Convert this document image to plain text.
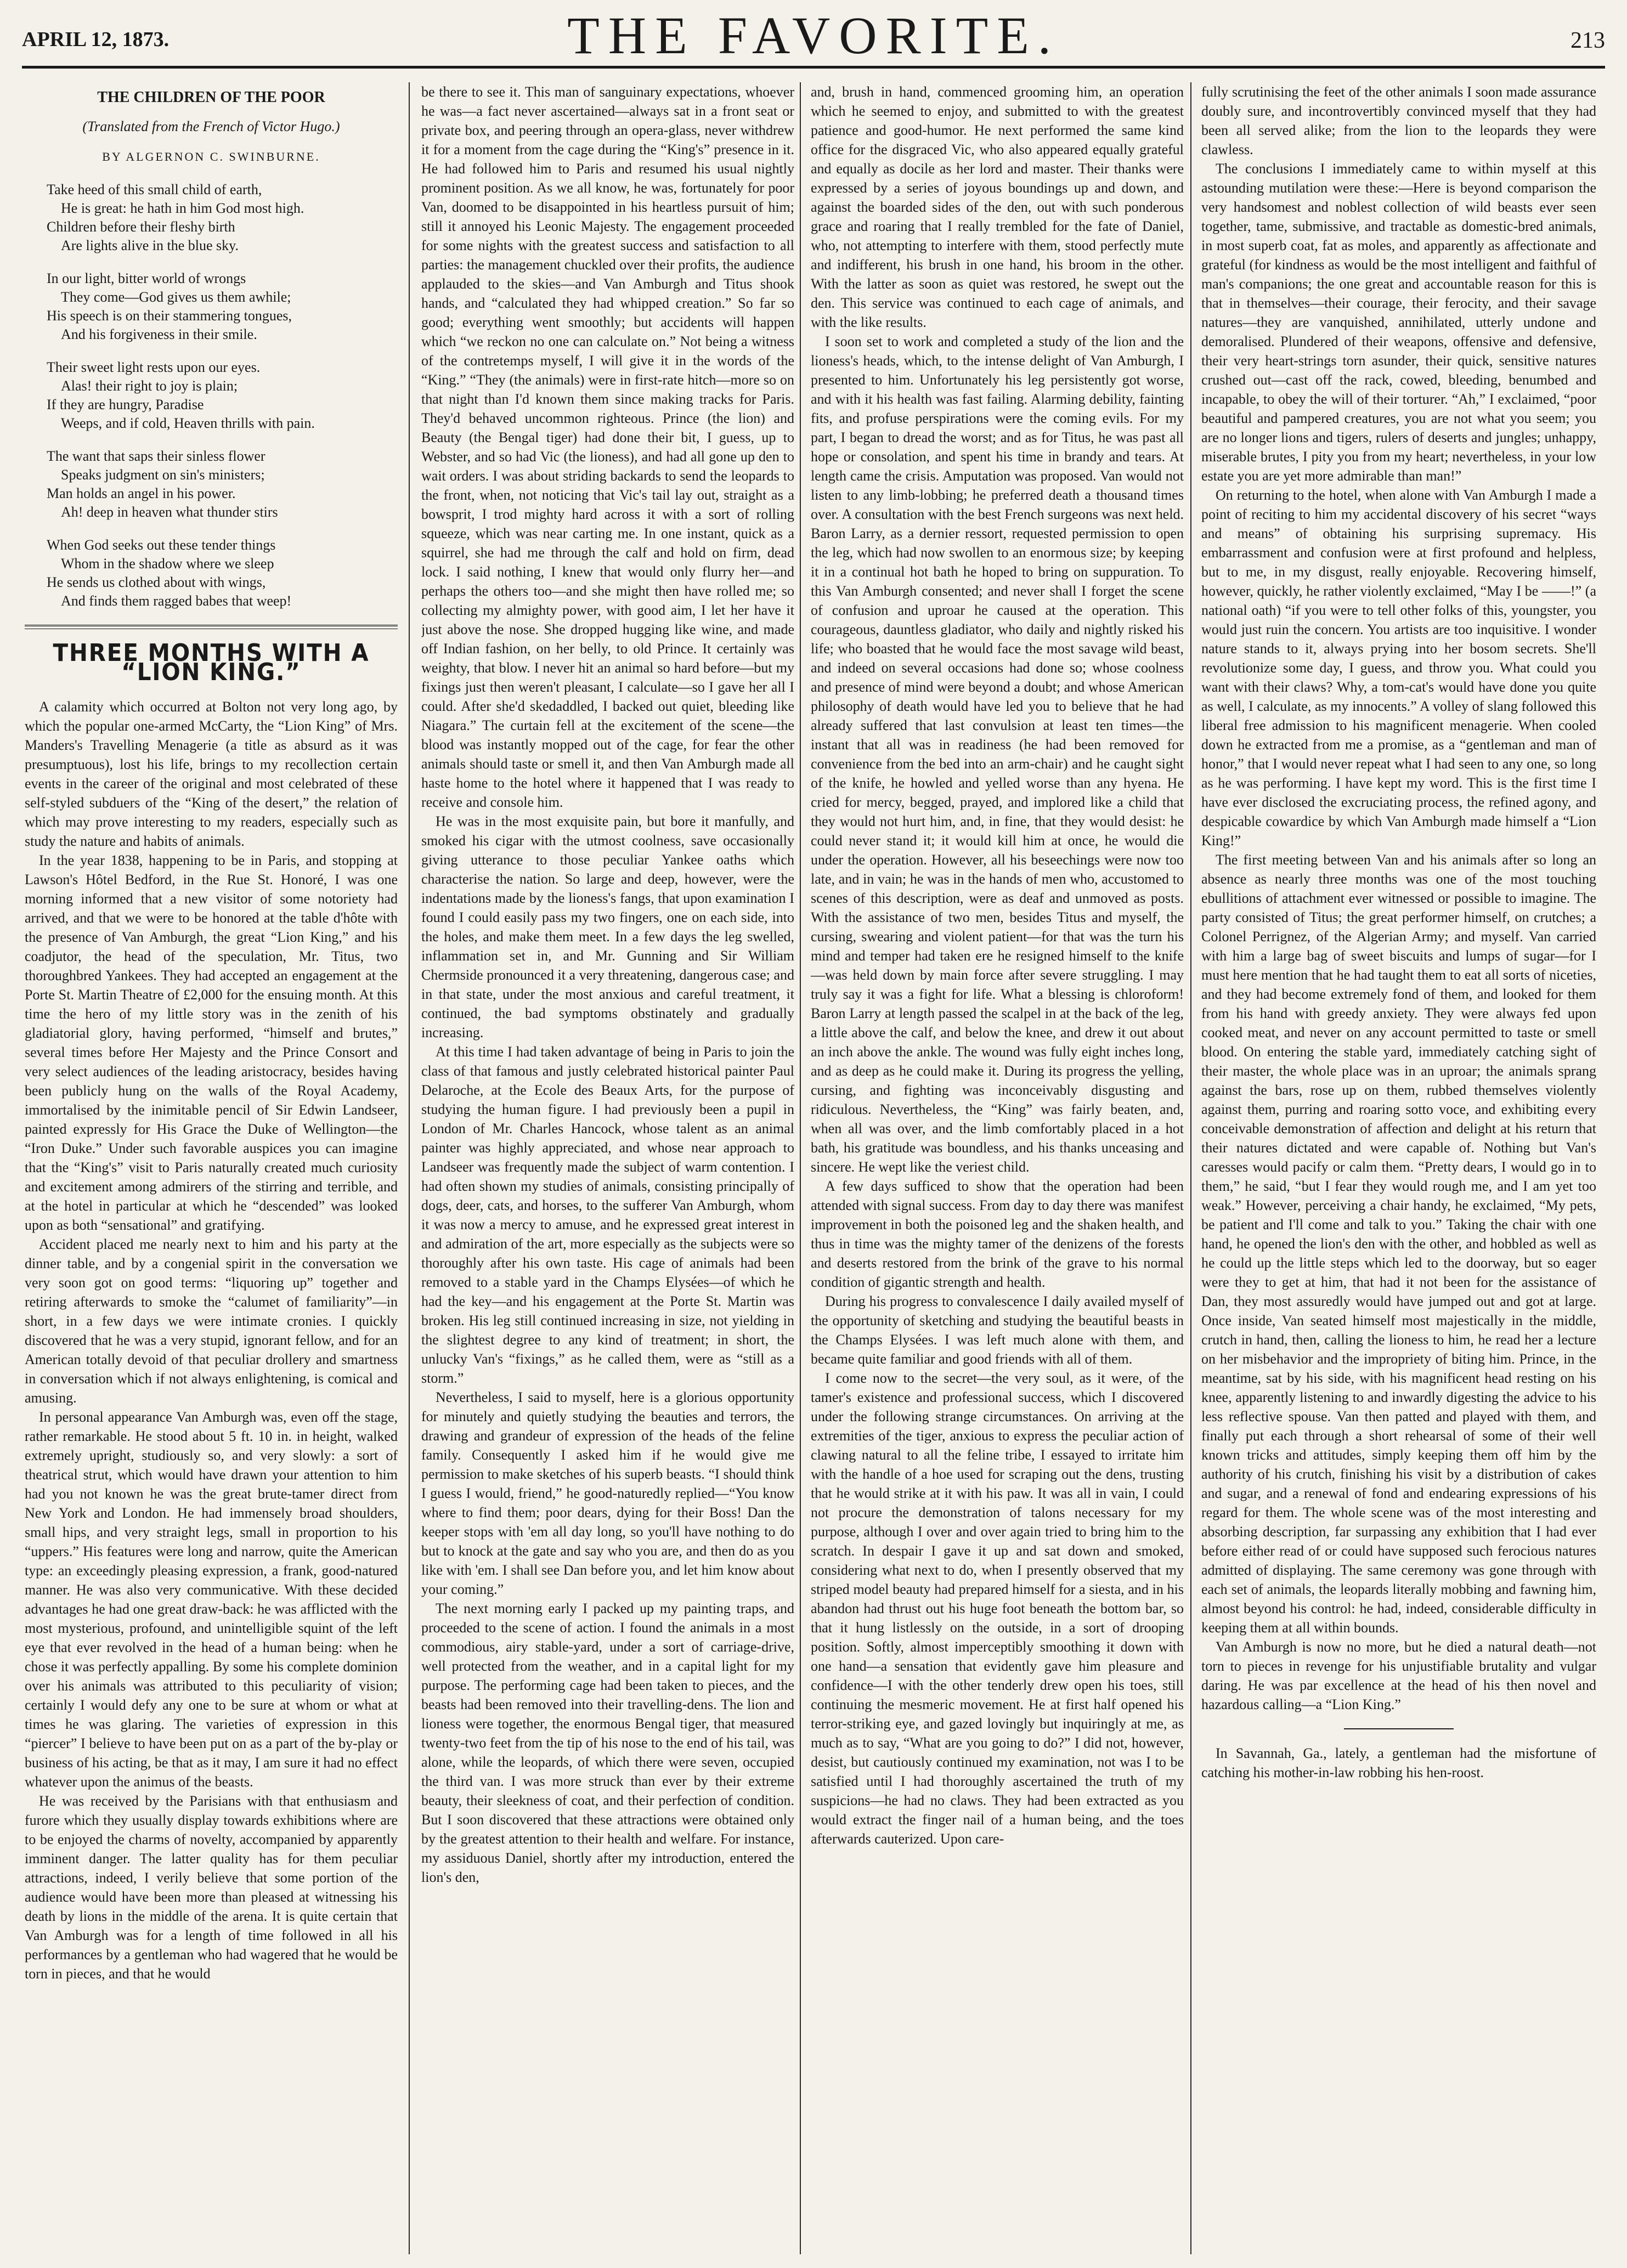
APRIL 12, 1873.	THE FAVORITE.	213
THE CHILDREN OF THE POOR
(Translated from the French of Victor Hugo.)
BY ALGERNON C. SWINBURNE.
Take heed of this small child of earth,
He is great: he hath in him God most high.
Children before their fleshy birth
Are lights alive in the blue sky.
In our light, bitter world of wrongs
They come—God gives us them awhile;
His speech is on their stammering tongues,
And his forgiveness in their smile.
Their sweet light rests upon our eyes.
Alas! their right to joy is plain;
If they are hungry, Paradise
Weeps, and if cold, Heaven thrills with pain.
The want that saps their sinless flower
Speaks judgment on sin's ministers;
Man holds an angel in his power.
Ah! deep in heaven what thunder stirs
When God seeks out these tender things
Whom in the shadow where we sleep
He sends us clothed about with wings,
And finds them ragged babes that weep!
THREE MONTHS WITH A “LION KING.”

A calamity which occurred at Bolton not very long ago, by which the popular one-armed McCarty, the “Lion King” of Mrs. Manders's Travelling Menagerie (a title as absurd as it was presumptuous), lost his life, brings to my recollection certain events in the career of the original and most celebrated of these self-styled subduers of the “King of the desert,” the relation of which may prove interesting to my readers, especially such as study the nature and habits of animals.

In the year 1838, happening to be in Paris, and stopping at Lawson's Hôtel Bedford, in the Rue St. Honoré, I was one morning informed that a new visitor of some notoriety had arrived, and that we were to be honored at the table d'hôte with the presence of Van Amburgh, the great “Lion King,” and his coadjutor, the head of the speculation, Mr. Titus, two thoroughbred Yankees. They had accepted an engagement at the Porte St. Martin Theatre of £2,000 for the ensuing month. At this time the hero of my little story was in the zenith of his gladiatorial glory, having performed, “himself and brutes,” several times before Her Majesty and the Prince Consort and very select audiences of the leading aristocracy, besides having been publicly hung on the walls of the Royal Academy, immortalised by the inimitable pencil of Sir Edwin Landseer, painted expressly for His Grace the Duke of Wellington—the “Iron Duke.” Under such favorable auspices you can imagine that the “King's” visit to Paris naturally created much curiosity and excitement among admirers of the stirring and terrible, and at the hotel in particular at which he “descended” was looked upon as both “sensational” and gratifying.

Accident placed me nearly next to him and his party at the dinner table, and by a congenial spirit in the conversation we very soon got on good terms: “liquoring up” together and retiring afterwards to smoke the “calumet of familiarity”—in short, in a few days we were intimate cronies. I quickly discovered that he was a very stupid, ignorant fellow, and for an American totally devoid of that peculiar drollery and smartness in conversation which if not always enlightening, is comical and amusing.

In personal appearance Van Amburgh was, even off the stage, rather remarkable. He stood about 5 ft. 10 in. in height, walked extremely upright, studiously so, and very slowly: a sort of theatrical strut, which would have drawn your attention to him had you not known he was the great brute-tamer direct from New York and London. He had immensely broad shoulders, small hips, and very straight legs, small in proportion to his “uppers.” His features were long and narrow, quite the American type: an exceedingly pleasing expression, a frank, good-natured manner. He was also very communicative. With these decided advantages he had one great draw-back: he was afflicted with the most mysterious, profound, and unintelligible squint of the left eye that ever revolved in the head of a human being: when he chose it was perfectly appalling. By some his complete dominion over his animals was attributed to this peculiarity of vision; certainly I would defy any one to be sure at whom or what at times he was glaring. The varieties of expression in this “piercer” I believe to have been put on as a part of the by-play or business of his acting, be that as it may, I am sure it had no effect whatever upon the animus of the beasts.

He was received by the Parisians with that enthusiasm and furore which they usually display towards exhibitions where are to be enjoyed the charms of novelty, accompanied by apparently imminent danger. The latter quality has for them peculiar attractions, indeed, I verily believe that some portion of the audience would have been more than pleased at witnessing his death by lions in the middle of the arena. It is quite certain that Van Amburgh was for a length of time followed in all his performances by a gentleman who had wagered that he would be torn in pieces, and that he would

be there to see it. This man of sanguinary expectations, whoever he was—a fact never ascertained—always sat in a front seat or private box, and peering through an opera-glass, never withdrew it for a moment from the cage during the “King's” presence in it. He had followed him to Paris and resumed his usual nightly prominent position. As we all know, he was, fortunately for poor Van, doomed to be disappointed in his heartless pursuit of him; still it annoyed his Leonic Majesty. The engagement proceeded for some nights with the greatest success and satisfaction to all parties: the management chuckled over their profits, the audience applauded to the skies—and Van Amburgh and Titus shook hands, and “calculated they had whipped creation.” So far so good; everything went smoothly; but accidents will happen which “we reckon no one can calculate on.” Not being a witness of the contretemps myself, I will give it in the words of the “King.” “They (the animals) were in first-rate hitch—more so on that night than I'd known them since making tracks for Paris. They'd behaved uncommon righteous. Prince (the lion) and Beauty (the Bengal tiger) had done their bit, I guess, up to Webster, and so had Vic (the lioness), and had all gone up den to wait orders. I was about striding backards to send the leopards to the front, when, not noticing that Vic's tail lay out, straight as a bowsprit, I trod mighty hard across it with a sort of rolling squeeze, which was near carting me. In one instant, quick as a squirrel, she had me through the calf and hold on firm, dead lock. I said nothing, I knew that would only flurry her—and perhaps the others too—and she might then have rolled me; so collecting my almighty power, with good aim, I let her have it just above the nose. She dropped hugging like wine, and made off Indian fashion, on her belly, to old Prince. It certainly was weighty, that blow. I never hit an animal so hard before—but my fixings just then weren't pleasant, I calculate—so I gave her all I could. After she'd skedaddled, I backed out quiet, bleeding like Niagara.” The curtain fell at the excitement of the scene—the blood was instantly mopped out of the cage, for fear the other animals should taste or smell it, and then Van Amburgh made all haste home to the hotel where it happened that I was ready to receive and console him.

He was in the most exquisite pain, but bore it manfully, and smoked his cigar with the utmost coolness, save occasionally giving utterance to those peculiar Yankee oaths which characterise the nation. So large and deep, however, were the indentations made by the lioness's fangs, that upon examination I found I could easily pass my two fingers, one on each side, into the holes, and make them meet. In a few days the leg swelled, inflammation set in, and Mr. Gunning and Sir William Chermside pronounced it a very threatening, dangerous case; and in that state, under the most anxious and careful treatment, it continued, the bad symptoms obstinately and gradually increasing.

At this time I had taken advantage of being in Paris to join the class of that famous and justly celebrated historical painter Paul Delaroche, at the Ecole des Beaux Arts, for the purpose of studying the human figure. I had previously been a pupil in London of Mr. Charles Hancock, whose talent as an animal painter was highly appreciated, and whose near approach to Landseer was frequently made the subject of warm contention. I had often shown my studies of animals, consisting principally of dogs, deer, cats, and horses, to the sufferer Van Amburgh, whom it was now a mercy to amuse, and he expressed great interest in and admiration of the art, more especially as the subjects were so thoroughly after his own taste. His cage of animals had been removed to a stable yard in the Champs Elysées—of which he had the key—and his engagement at the Porte St. Martin was broken. His leg still continued increasing in size, not yielding in the slightest degree to any kind of treatment; in short, the unlucky Van's “fixings,” as he called them, were as “still as a storm.”

Nevertheless, I said to myself, here is a glorious opportunity for minutely and quietly studying the beauties and terrors, the drawing and grandeur of expression of the heads of the feline family. Consequently I asked him if he would give me permission to make sketches of his superb beasts. “I should think I guess I would, friend,” he good-naturedly replied—“You know where to find them; poor dears, dying for their Boss! Dan the keeper stops with 'em all day long, so you'll have nothing to do but to knock at the gate and say who you are, and then do as you like with 'em. I shall see Dan before you, and let him know about your coming.”

The next morning early I packed up my painting traps, and proceeded to the scene of action. I found the animals in a most commodious, airy stable-yard, under a sort of carriage-drive, well protected from the weather, and in a capital light for my purpose. The performing cage had been taken to pieces, and the beasts had been removed into their travelling-dens. The lion and lioness were together, the enormous Bengal tiger, that measured twenty-two feet from the tip of his nose to the end of his tail, was alone, while the leopards, of which there were seven, occupied the third van. I was more struck than ever by their extreme beauty, their sleekness of coat, and their perfection of condition. But I soon discovered that these attractions were obtained only by the greatest attention to their health and welfare. For instance, my assiduous Daniel, shortly after my introduction, entered the lion's den,

and, brush in hand, commenced grooming him, an operation which he seemed to enjoy, and submitted to with the greatest patience and good-humor. He next performed the same kind office for the disgraced Vic, who also appeared equally grateful and equally as docile as her lord and master. Their thanks were expressed by a series of joyous boundings up and down, and against the boarded sides of the den, out with such ponderous grace and roaring that I really trembled for the fate of Daniel, who, not attempting to interfere with them, stood perfectly mute and indifferent, his brush in one hand, his broom in the other. With the latter as soon as quiet was restored, he swept out the den. This service was continued to each cage of animals, and with the like results.

I soon set to work and completed a study of the lion and the lioness's heads, which, to the intense delight of Van Amburgh, I presented to him. Unfortunately his leg persistently got worse, and with it his health was fast failing. Alarming debility, fainting fits, and profuse perspirations were the coming evils. For my part, I began to dread the worst; and as for Titus, he was past all hope or consolation, and spent his time in brandy and tears. At length came the crisis. Amputation was proposed. Van would not listen to any limb-lobbing; he preferred death a thousand times over. A consultation with the best French surgeons was next held. Baron Larry, as a dernier ressort, requested permission to open the leg, which had now swollen to an enormous size; by keeping it in a continual hot bath he hoped to bring on suppuration. To this Van Amburgh consented; and never shall I forget the scene of confusion and uproar he caused at the operation. This courageous, dauntless gladiator, who daily and nightly risked his life; who boasted that he would face the most savage wild beast, and indeed on several occasions had done so; whose coolness and presence of mind were beyond a doubt; and whose American philosophy of death would have led you to believe that he had already suffered that last convulsion at least ten times—the instant that all was in readiness (he had been removed for convenience from the bed into an arm-chair) and he caught sight of the knife, he howled and yelled worse than any hyena. He cried for mercy, begged, prayed, and implored like a child that they would not hurt him, and, in fine, that they would desist: he could never stand it; it would kill him at once, he would die under the operation. However, all his beseechings were now too late, and in vain; he was in the hands of men who, accustomed to scenes of this description, were as deaf and unmoved as posts. With the assistance of two men, besides Titus and myself, the cursing, swearing and violent patient—for that was the turn his mind and temper had taken ere he resigned himself to the knife—was held down by main force after severe struggling. I may truly say it was a fight for life. What a blessing is chloroform! Baron Larry at length passed the scalpel in at the back of the leg, a little above the calf, and below the knee, and drew it out about an inch above the ankle. The wound was fully eight inches long, and as deep as he could make it. During its progress the yelling, cursing, and fighting was inconceivably disgusting and ridiculous. Nevertheless, the “King” was fairly beaten, and, when all was over, and the limb comfortably placed in a hot bath, his gratitude was boundless, and his thanks unceasing and sincere. He wept like the veriest child.

A few days sufficed to show that the operation had been attended with signal success. From day to day there was manifest improvement in both the poisoned leg and the shaken health, and thus in time was the mighty tamer of the denizens of the forests and deserts restored from the brink of the grave to his normal condition of gigantic strength and health.

During his progress to convalescence I daily availed myself of the opportunity of sketching and studying the beautiful beasts in the Champs Elysées. I was left much alone with them, and became quite familiar and good friends with all of them.

I come now to the secret—the very soul, as it were, of the tamer's existence and professional success, which I discovered under the following strange circumstances. On arriving at the extremities of the tiger, anxious to express the peculiar action of clawing natural to all the feline tribe, I essayed to irritate him with the handle of a hoe used for scraping out the dens, trusting that he would strike at it with his paw. It was all in vain, I could not procure the demonstration of talons necessary for my purpose, although I over and over again tried to bring him to the scratch. In despair I gave it up and sat down and smoked, considering what next to do, when I presently observed that my striped model beauty had prepared himself for a siesta, and in his abandon had thrust out his huge foot beneath the bottom bar, so that it hung listlessly on the outside, in a sort of drooping position. Softly, almost imperceptibly smoothing it down with one hand—a sensation that evidently gave him pleasure and confidence—I with the other tenderly drew open his toes, still continuing the mesmeric movement. He at first half opened his terror-striking eye, and gazed lovingly but inquiringly at me, as much as to say, “What are you going to do?” I did not, however, desist, but cautiously continued my examination, not was I to be satisfied until I had thoroughly ascertained the truth of my suspicions—he had no claws. They had been extracted as you would extract the finger nail of a human being, and the toes afterwards cauterized. Upon care-

fully scrutinising the feet of the other animals I soon made assurance doubly sure, and incontrovertibly convinced myself that they had been all served alike; from the lion to the leopards they were clawless.

The conclusions I immediately came to within myself at this astounding mutilation were these:—Here is beyond comparison the very handsomest and noblest collection of wild beasts ever seen together, tame, submissive, and tractable as domestic-bred animals, in most superb coat, fat as moles, and apparently as affectionate and grateful (for kindness as would be the most intelligent and faithful of man's companions; the one great and accountable reason for this is that in themselves—their courage, their ferocity, and their savage natures—they are vanquished, annihilated, utterly undone and demoralised. Plundered of their weapons, offensive and defensive, their very heart-strings torn asunder, their quick, sensitive natures crushed out—cast off the rack, cowed, bleeding, benumbed and incapable, to obey the will of their torturer. “Ah,” I exclaimed, “poor beautiful and pampered creatures, you are not what you seem; you are no longer lions and tigers, rulers of deserts and jungles; unhappy, miserable brutes, I pity you from my heart; nevertheless, in your low estate you are yet more admirable than man!”

On returning to the hotel, when alone with Van Amburgh I made a point of reciting to him my accidental discovery of his secret “ways and means” of obtaining his surprising supremacy. His embarrassment and confusion were at first profound and helpless, but to me, in my disgust, really enjoyable. Recovering himself, however, quickly, he rather violently exclaimed, “May I be ——!” (a national oath) “if you were to tell other folks of this, youngster, you would just ruin the concern. You artists are too inquisitive. I wonder nature stands to it, always prying into her bosom secrets. She'll revolutionize some day, I guess, and throw you. What could you want with their claws? Why, a tom-cat's would have done you quite as well, I calculate, as my innocents.” A volley of slang followed this liberal free admission to his magnificent menagerie. When cooled down he extracted from me a promise, as a “gentleman and man of honor,” that I would never repeat what I had seen to any one, so long as he was performing. I have kept my word. This is the first time I have ever disclosed the excruciating process, the refined agony, and despicable cowardice by which Van Amburgh made himself a “Lion King!”

The first meeting between Van and his animals after so long an absence as nearly three months was one of the most touching ebullitions of attachment ever witnessed or possible to imagine. The party consisted of Titus; the great performer himself, on crutches; a Colonel Perrignez, of the Algerian Army; and myself. Van carried with him a large bag of sweet biscuits and lumps of sugar—for I must here mention that he had taught them to eat all sorts of niceties, and they had become extremely fond of them, and looked for them from his hand with greedy anxiety. They were always fed upon cooked meat, and never on any account permitted to taste or smell blood. On entering the stable yard, immediately catching sight of their master, the whole place was in an uproar; the animals sprang against the bars, rose up on them, rubbed themselves violently against them, purring and roaring sotto voce, and exhibiting every conceivable demonstration of affection and delight at his return that their natures dictated and were capable of. Nothing but Van's caresses would pacify or calm them. “Pretty dears, I would go in to them,” he said, “but I fear they would rough me, and I am yet too weak.” However, perceiving a chair handy, he exclaimed, “My pets, be patient and I'll come and talk to you.” Taking the chair with one hand, he opened the lion's den with the other, and hobbled as well as he could up the little steps which led to the doorway, but so eager were they to get at him, that had it not been for the assistance of Dan, they most assuredly would have jumped out and got at large. Once inside, Van seated himself most majestically in the middle, crutch in hand, then, calling the lioness to him, he read her a lecture on her misbehavior and the impropriety of biting him. Prince, in the meantime, sat by his side, with his magnificent head resting on his knee, apparently listening to and inwardly digesting the advice to his less reflective spouse. Van then patted and played with them, and finally put each through a short rehearsal of some of their well known tricks and attitudes, simply keeping them off him by the authority of his crutch, finishing his visit by a distribution of cakes and sugar, and a renewal of fond and endearing expressions of his regard for them. The whole scene was of the most interesting and absorbing description, far surpassing any exhibition that I had ever before either read of or could have supposed such ferocious natures admitted of displaying. The same ceremony was gone through with each set of animals, the leopards literally mobbing and fawning him, almost beyond his control: he had, indeed, considerable difficulty in keeping them at all within bounds.

Van Amburgh is now no more, but he died a natural death—not torn to pieces in revenge for his unjustifiable brutality and vulgar daring. He was par excellence at the head of his then novel and hazardous calling—a “Lion King.”

In Savannah, Ga., lately, a gentleman had the misfortune of catching his mother-in-law robbing his hen-roost.
